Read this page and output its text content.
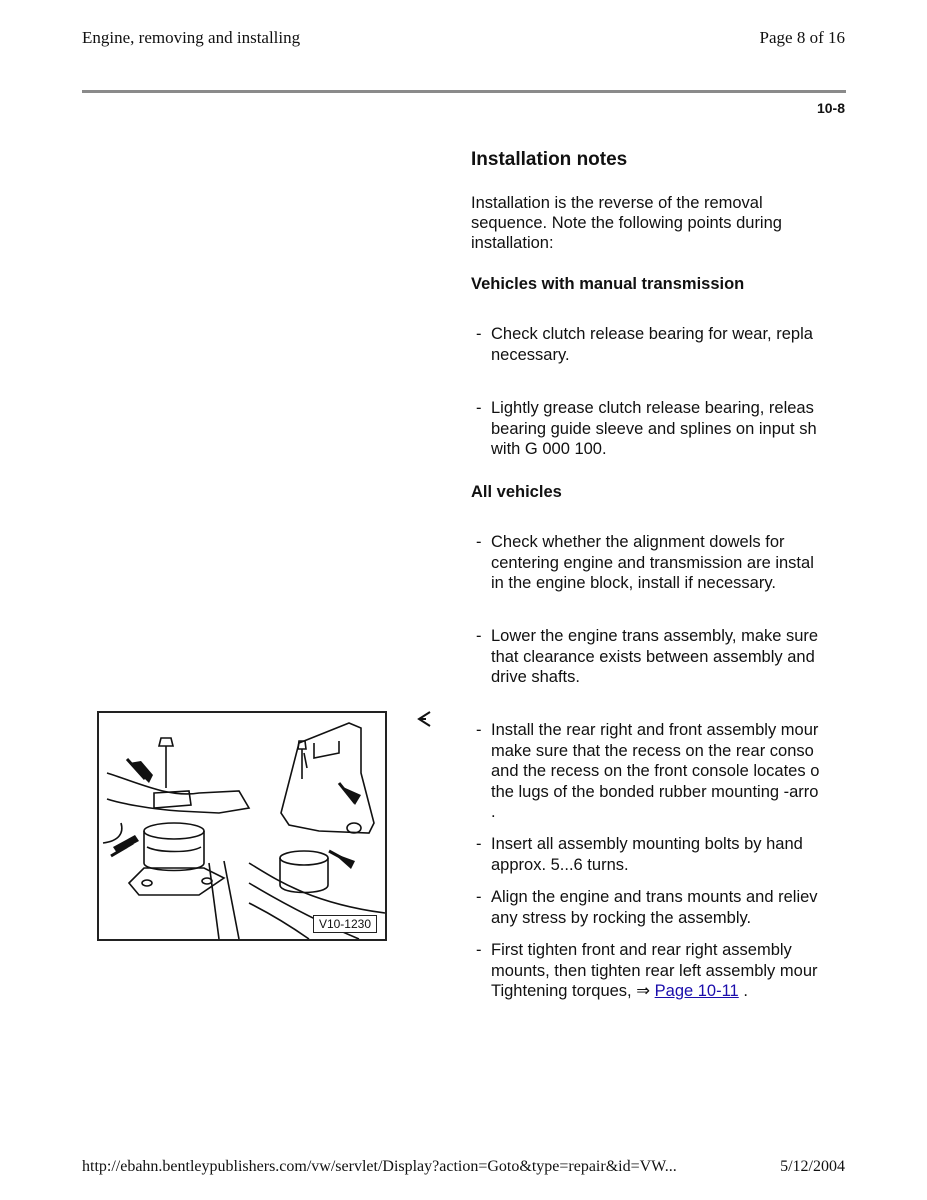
Engine, removing and installing	Page 8 of 16
10-8
Installation notes
Installation is the reverse of the removal
sequence. Note the following points during
installation:
Vehicles with manual transmission
- Check clutch release bearing for wear, repla
necessary.
- Lightly grease clutch release bearing, releas
bearing guide sleeve and splines on input sh
with G 000 100.
All vehicles
- Check whether the alignment dowels for
centering engine and transmission are instal
in the engine block, install if necessary.
- Lower the engine trans assembly, make sure
that clearance exists between assembly and
drive shafts.
- Install the rear right and front assembly mour
make sure that the recess on the rear conso
and the recess on the front console locates o
the lugs of the bonded rubber mounting -arro
.
- Insert all assembly mounting bolts by hand
approx. 5...6 turns.
- Align the engine and trans mounts and reliev
any stress by rocking the assembly.
- First tighten front and rear right assembly
mounts, then tighten rear left assembly mour
Tightening torques, ⇒ Page 10-11 .
V10-1230
http://ebahn.bentleypublishers.com/vw/servlet/Display?action=Goto&type=repair&id=VW...	5/12/2004
